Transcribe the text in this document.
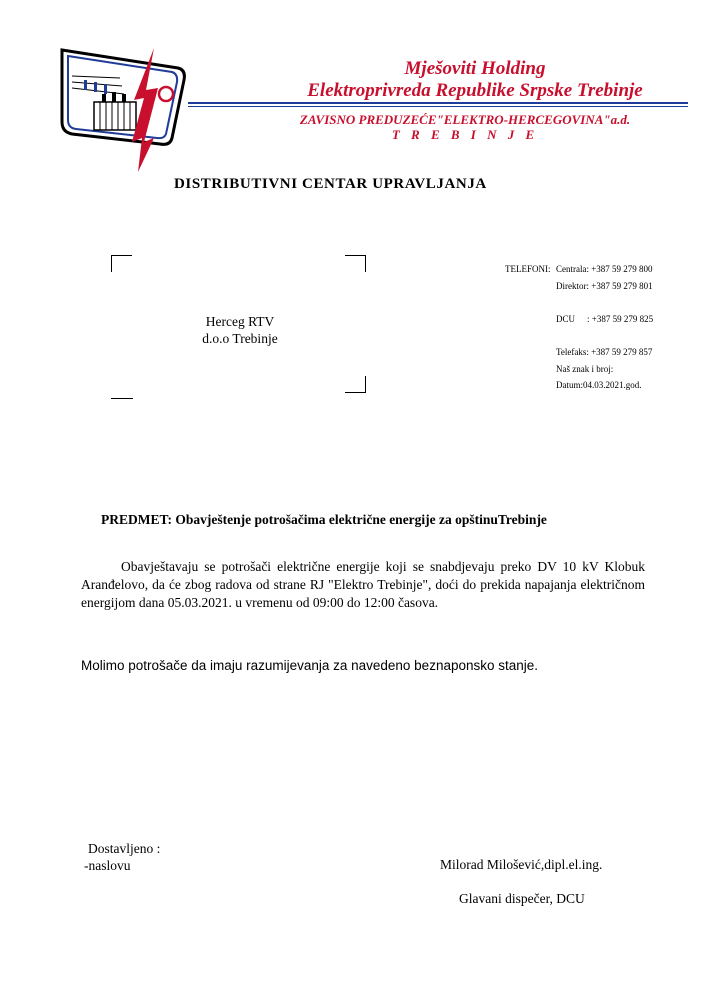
Mješoviti Holding
Elektroprivreda Republike Srpske Trebinje
ZAVISNO PREDUZEĆE"ELEKTRO-HERCEGOVINA"a.d.
T R E B I N J E
DISTRIBUTIVNI CENTAR UPRAVLJANJA
Herceg RTV
d.o.o Trebinje
TELEFONI: Centrala: +387 59 279 800
Direktor: +387 59 279 801
DCU : +387 59 279 825
Telefaks: +387 59 279 857
Naš znak i broj:
Datum:04.03.2021.god.
PREDMET: Obavještenje potrošačima električne energije za opštinuTrebinje
Obavještavaju se potrošači električne energije koji se snabdjevaju preko DV 10 kV Klobuk Aranđelovo, da će zbog radova od strane RJ "Elektro Trebinje", doći do prekida napajanja električnom energijom dana 05.03.2021. u vremenu od 09:00 do 12:00 časova.
Molimo potrošače da imaju razumijevanja za navedeno beznaponsko stanje.
Dostavljeno :
-naslovu	Milorad Milošević,dipl.el.ing.
Glavani dispečer, DCU
